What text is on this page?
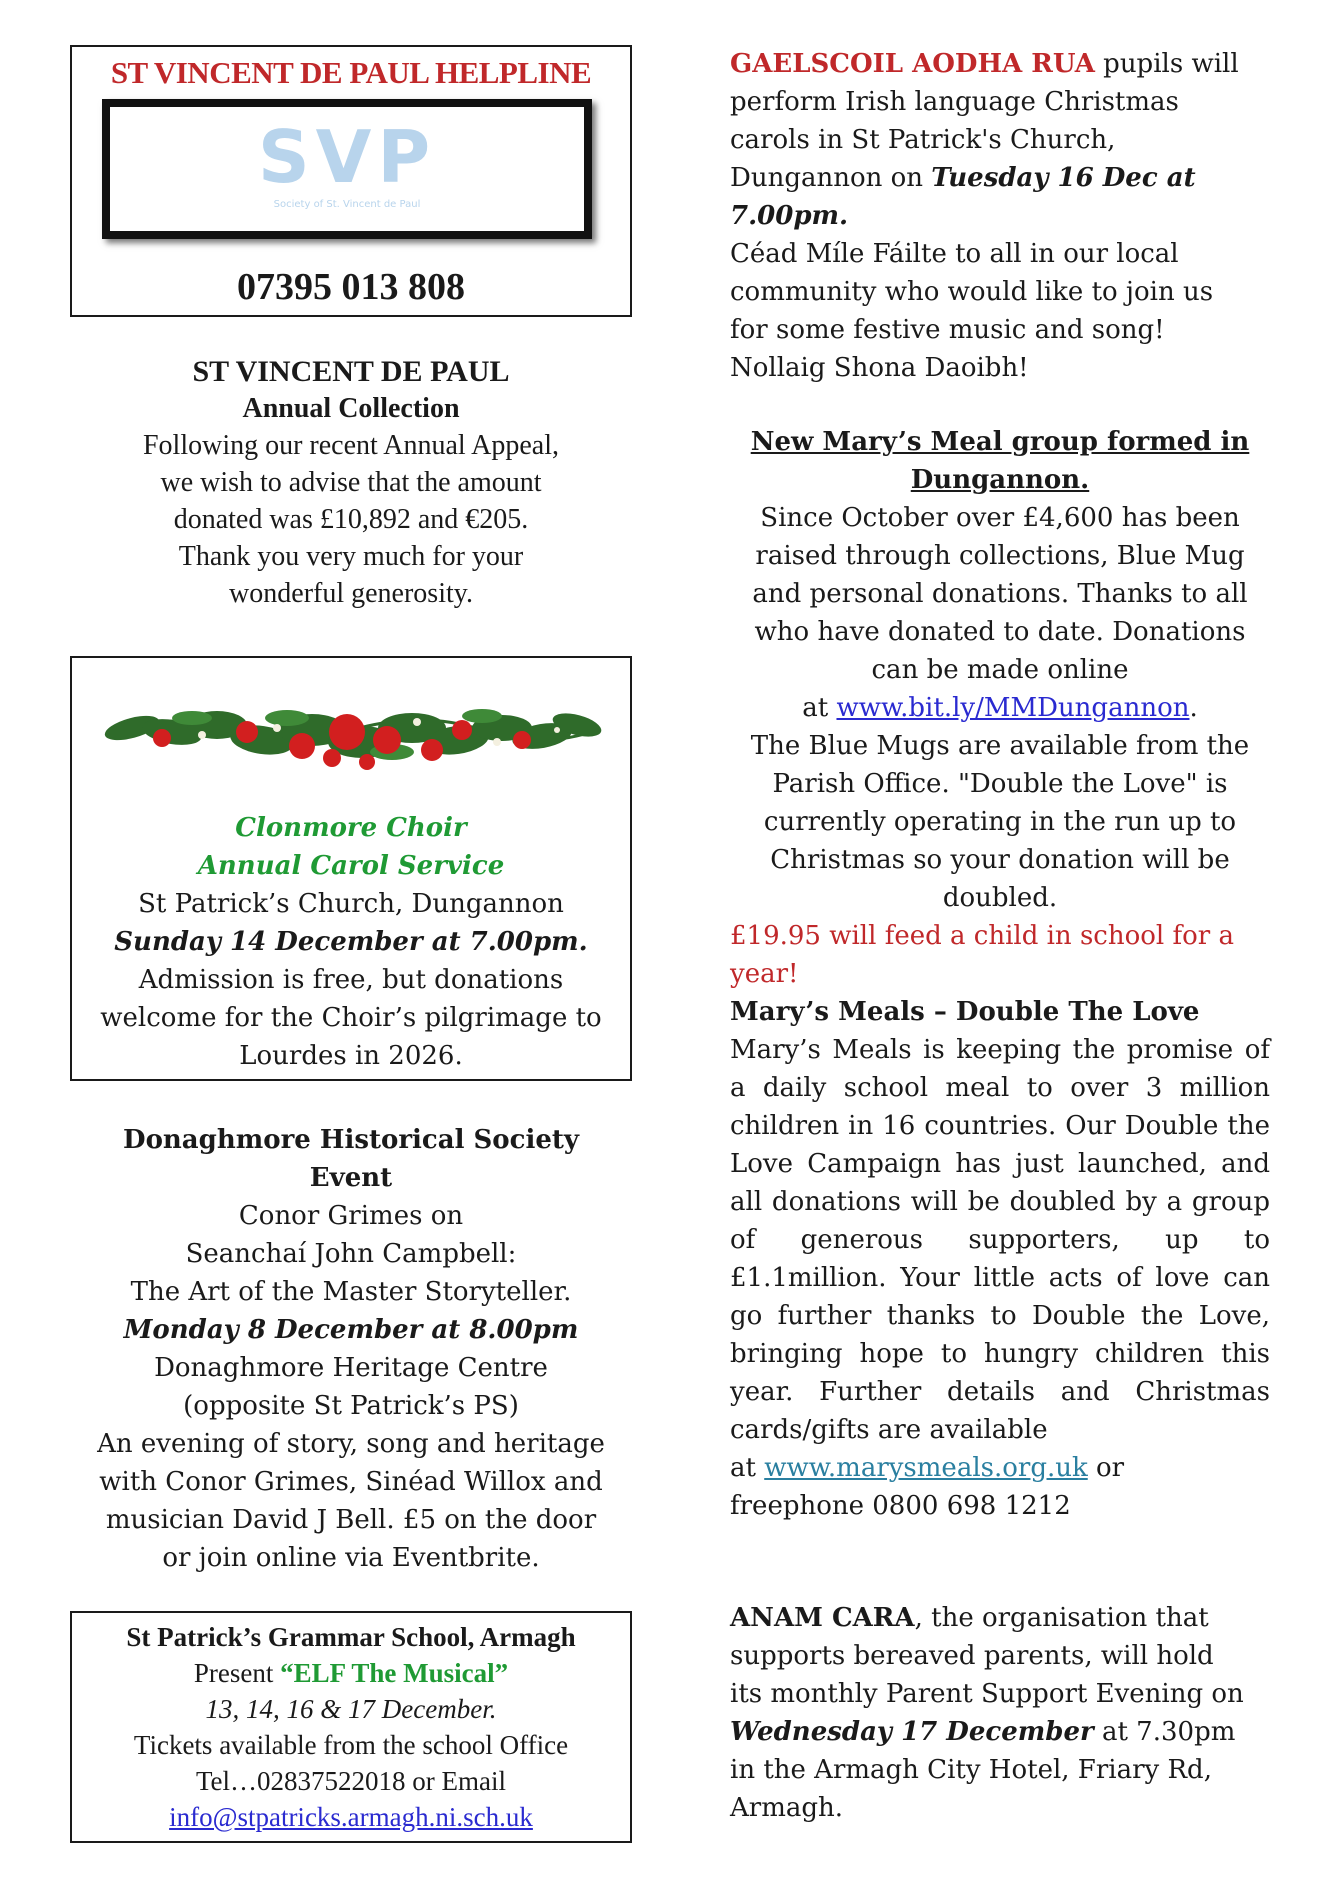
ST VINCENT DE PAUL HELPLINE
SVP
Society of St. Vincent de Paul
07395 013 808
ST VINCENT DE PAUL
Annual Collection
Following our recent Annual Appeal,
we wish to advise that the amount
donated was £10,892 and €205.
Thank you very much for your
wonderful generosity.
Clonmore Choir
Annual Carol Service
St Patrick’s Church, Dungannon
Sunday 14 December at 7.00pm.
Admission is free, but donations
welcome for the Choir’s pilgrimage to
Lourdes in 2026.
Donaghmore Historical Society
Event
Conor Grimes on
Seanchaí John Campbell:
The Art of the Master Storyteller.
Monday 8 December at 8.00pm
Donaghmore Heritage Centre
(opposite St Patrick’s PS)
An evening of story, song and heritage
with Conor Grimes, Sinéad Willox and
musician David J Bell. £5 on the door
or join online via Eventbrite.
St Patrick’s Grammar School, Armagh
Present “ELF The Musical”
13, 14, 16 & 17 December.
Tickets available from the school Office
Tel…02837522018 or Email
info@stpatricks.armagh.ni.sch.uk

GAELSCOIL AODHA RUA pupils will perform Irish language Christmas carols in St Patrick's Church, Dungannon on Tuesday 16 Dec at 7.00pm.
Céad Míle Fáilte to all in our local community who would like to join us for some festive music and song! Nollaig Shona Daoibh!

New Mary’s Meal group formed in Dungannon.

Since October over £4,600 has been raised through collections, Blue Mug and personal donations. Thanks to all who have donated to date. Donations can be made online

at www.bit.ly/MMDungannon.

The Blue Mugs are available from the Parish Office. "Double the Love" is currently operating in the run up to Christmas so your donation will be doubled.

£19.95 will feed a child in school for a year!

Mary’s Meals – Double The Love

Mary’s Meals is keeping the promise of a daily school meal to over 3 million children in 16 countries. Our Double the Love Campaign has just launched, and all donations will be doubled by a group of generous supporters, up to £1.1million. Your little acts of love can go further thanks to Double the Love, bringing hope to hungry children this year. Further details and Christmas cards/gifts are available

at www.marysmeals.org.uk or

freephone 0800 698 1212

ANAM CARA, the organisation that supports bereaved parents, will hold its monthly Parent Support Evening on Wednesday 17 December at 7.30pm in the Armagh City Hotel, Friary Rd, Armagh.
